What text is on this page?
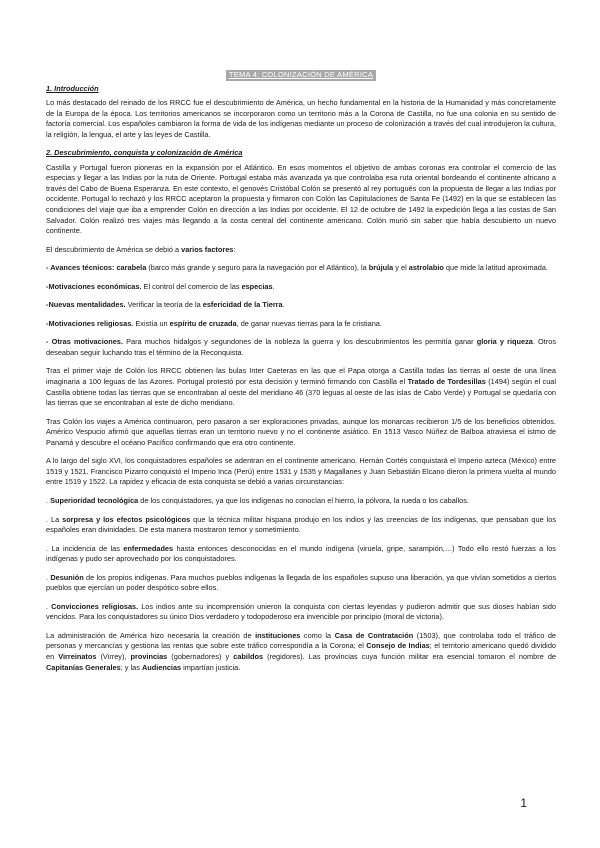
TEMA 4: COLONIZACIÓN DE AMÉRICA
1. Introducción

Lo más destacado del reinado de los RRCC fue el descubrimiento de América, un hecho fundamental en la historia de la Humanidad y más concretamente de la Europa de la época. Los territorios americanos se incorporaron como un territorio más a la Corona de Castilla, no fue una colonia en su sentido de factoría comercial. Los españoles cambiaron la forma de vida de los indígenas mediante un proceso de colonización a través del cual introdujeron la cultura, la religión, la lengua, el arte y las leyes de Castilla.

2. Descubrimiento, conquista y colonización de América

Castilla y Portugal fueron pioneras en la expansión por el Atlántico. En esos momentos el objetivo de ambas coronas era controlar el comercio de las especias y llegar a las Indias por la ruta de Oriente. Portugal estaba más avanzada ya que controlaba esa ruta oriental bordeando el continente africano a través del Cabo de Buena Esperanza. En este contexto, el genovés Cristóbal Colón se presentó al rey portugués con la propuesta de llegar a las Indias por occidente. Portugal lo rechazó y los RRCC aceptaron la propuesta y firmaron con Colón las Capitulaciones de Santa Fe (1492) en la que se establecen las condiciones del viaje que iba a emprender Colón en dirección a las Indias por occidente. El 12 de octubre de 1492 la expedición llega a las costas de San Salvador. Colón realizó tres viajes más llegando a la costa central del continente americano. Colón murió sin saber que había descubierto un nuevo continente.

El descubrimiento de América se debió a varios factores:

- Avances técnicos: carabela (barco más grande y seguro para la navegación por el Atlántico), la brújula y el astrolabio que mide la latitud aproximada.

-Motivaciones económicas. El control del comercio de las especias.

-Nuevas mentalidades. Verificar la teoría de la esfericidad de la Tierra.

-Motivaciones religiosas. Existía un espíritu de cruzada, de ganar nuevas tierras para la fe cristiana.

- Otras motivaciones. Para muchos hidalgos y segundones de la nobleza la guerra y los descubrimientos les permitía ganar gloria y riqueza. Otros deseaban seguir luchando tras el término de la Reconquista.

Tras el primer viaje de Colón los RRCC obtienen las bulas Inter Caeteras en las que el Papa otorga a Castilla todas las tierras al oeste de una línea imaginaria a 100 leguas de las Azores. Portugal protestó por esta decisión y terminó firmando con Castilla el Tratado de Tordesillas (1494) según el cual Castilla obtiene todas las tierras que se encontraban al oeste del meridiano 46 (370 leguas al oeste de las islas de Cabo Verde) y Portugal se quedaría con las tierras que se encontraban al este de dicho meridiano.

Tras Colón los viajes a América continuaron, pero pasaron a ser exploraciones privadas, aunque los monarcas recibieron 1/5 de los beneficios obtenidos. Américo Vespucio afirmó que aquellas tierras eran un territorio nuevo y no el continente asiático. En 1513 Vasco Núñez de Balboa atraviesa el istmo de Panamá y descubre el océano Pacífico confirmando que era otro continente.

A lo largo del siglo XVI, los conquistadores españoles se adentran en el continente americano. Hernán Cortés conquistará el Imperio azteca (México) entre 1519 y 1521. Francisco Pizarro conquistó el Imperio Inca (Perú) entre 1531 y 1535 y Magallanes y Juan Sebastián Elcano dieron la primera vuelta al mundo entre 1519 y 1522. La rapidez y eficacia de esta conquista se debió a varias circunstancias:

. Superioridad tecnológica de los conquistadores, ya que los indígenas no conocían el hierro, la pólvora, la rueda o los caballos.

. La sorpresa y los efectos psicológicos que la técnica militar hispana produjo en los indios y las creencias de los indígenas, que pensaban que los españoles eran divinidades. De esta manera mostraron temor y sometimiento.

. La incidencia de las enfermedades hasta entonces desconocidas en el mundo indígena (viruela, gripe, sarampión,…) Todo ello restó fuerzas a los indígenas y pudo ser aprovechado por los conquistadores.

. Desunión de los propios indígenas. Para muchos pueblos indígenas la llegada de los españoles supuso una liberación, ya que vivían sometidos a ciertos pueblos que ejercían un poder despótico sobre ellos.

. Convicciones religiosas. Los indios ante su incomprensión unieron la conquista con ciertas leyendas y pudieron admitir que sus dioses habían sido vencidos. Para los conquistadores su único Dios verdadero y todopoderoso era invencible por principio (moral de victoria).

La administración de América hizo necesaria la creación de instituciones como la Casa de Contratación (1503), que controlaba todo el tráfico de personas y mercancías y gestiona las rentas que sobre este tráfico correspondía a la Corona; el Consejo de Indias; el territorio americano quedó dividido en Virreinatos (Virrey), provincias (gobernadores) y cabildos (regidores). Las provincias cuya función militar era esencial tomaron el nombre de Capitanías Generales; y las Audiencias impartían justicia.

1
